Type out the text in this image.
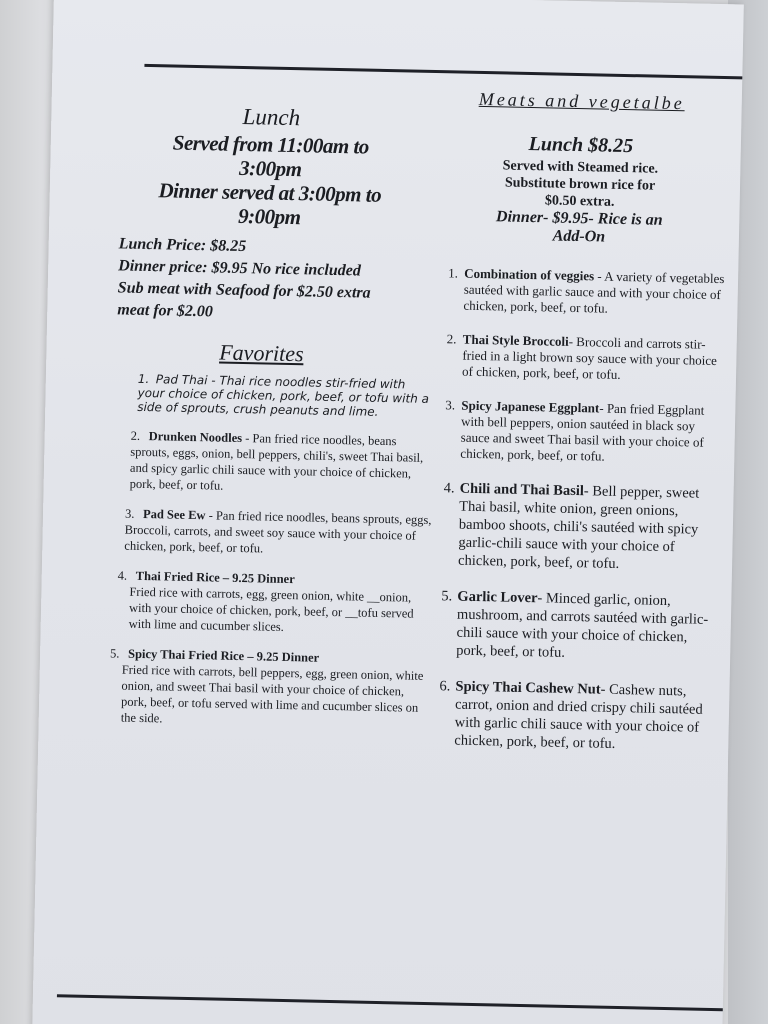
Lunch
Served from 11:00am to
3:00pm
Dinner served at 3:00pm to
9:00pm
Lunch Price: $8.25
Dinner price: $9.95 No rice included
Sub meat with Seafood for $2.50 extra
meat for $2.00
Favorites
1. Pad Thai - Thai rice noodles stir-fried with your choice of chicken, pork, beef, or tofu with a side of sprouts, crush peanuts and lime.
2. Drunken Noodles - Pan fried rice noodles, beans sprouts, eggs, onion, bell peppers, chili's, sweet Thai basil, and spicy garlic chili sauce with your choice of chicken, pork, beef, or tofu.
3. Pad See Ew - Pan fried rice noodles, beans sprouts, eggs, Broccoli, carrots, and sweet soy sauce with your choice of chicken, pork, beef, or tofu.
4. Thai Fried Rice – 9.25 Dinner
Fried rice with carrots, egg, green onion, white __onion, with your choice of chicken, pork, beef, or __tofu served with lime and cucumber slices.
5. Spicy Thai Fried Rice – 9.25 Dinner
Fried rice with carrots, bell peppers, egg, green onion, white onion, and sweet Thai basil with your choice of chicken, pork, beef, or tofu served with lime and cucumber slices on the side.
Meats and vegetalbe
Lunch $8.25
Served with Steamed rice.
Substitute brown rice for
$0.50 extra.
Dinner- $9.95- Rice is an
Add-On
1. Combination of veggies - A variety of vegetables sautéed with garlic sauce and with your choice of chicken, pork, beef, or tofu.
2. Thai Style Broccoli- Broccoli and carrots stir-fried in a light brown soy sauce with your choice of chicken, pork, beef, or tofu.
3. Spicy Japanese Eggplant- Pan fried Eggplant with bell peppers, onion sautéed in black soy sauce and sweet Thai basil with your choice of chicken, pork, beef, or tofu.
4. Chili and Thai Basil- Bell pepper, sweet Thai basil, white onion, green onions, bamboo shoots, chili's sautéed with spicy garlic-chili sauce with your choice of chicken, pork, beef, or tofu.
5. Garlic Lover- Minced garlic, onion, mushroom, and carrots sautéed with garlic-chili sauce with your choice of chicken, pork, beef, or tofu.
6. Spicy Thai Cashew Nut- Cashew nuts, carrot, onion and dried crispy chili sautéed with garlic chili sauce with your choice of chicken, pork, beef, or tofu.
